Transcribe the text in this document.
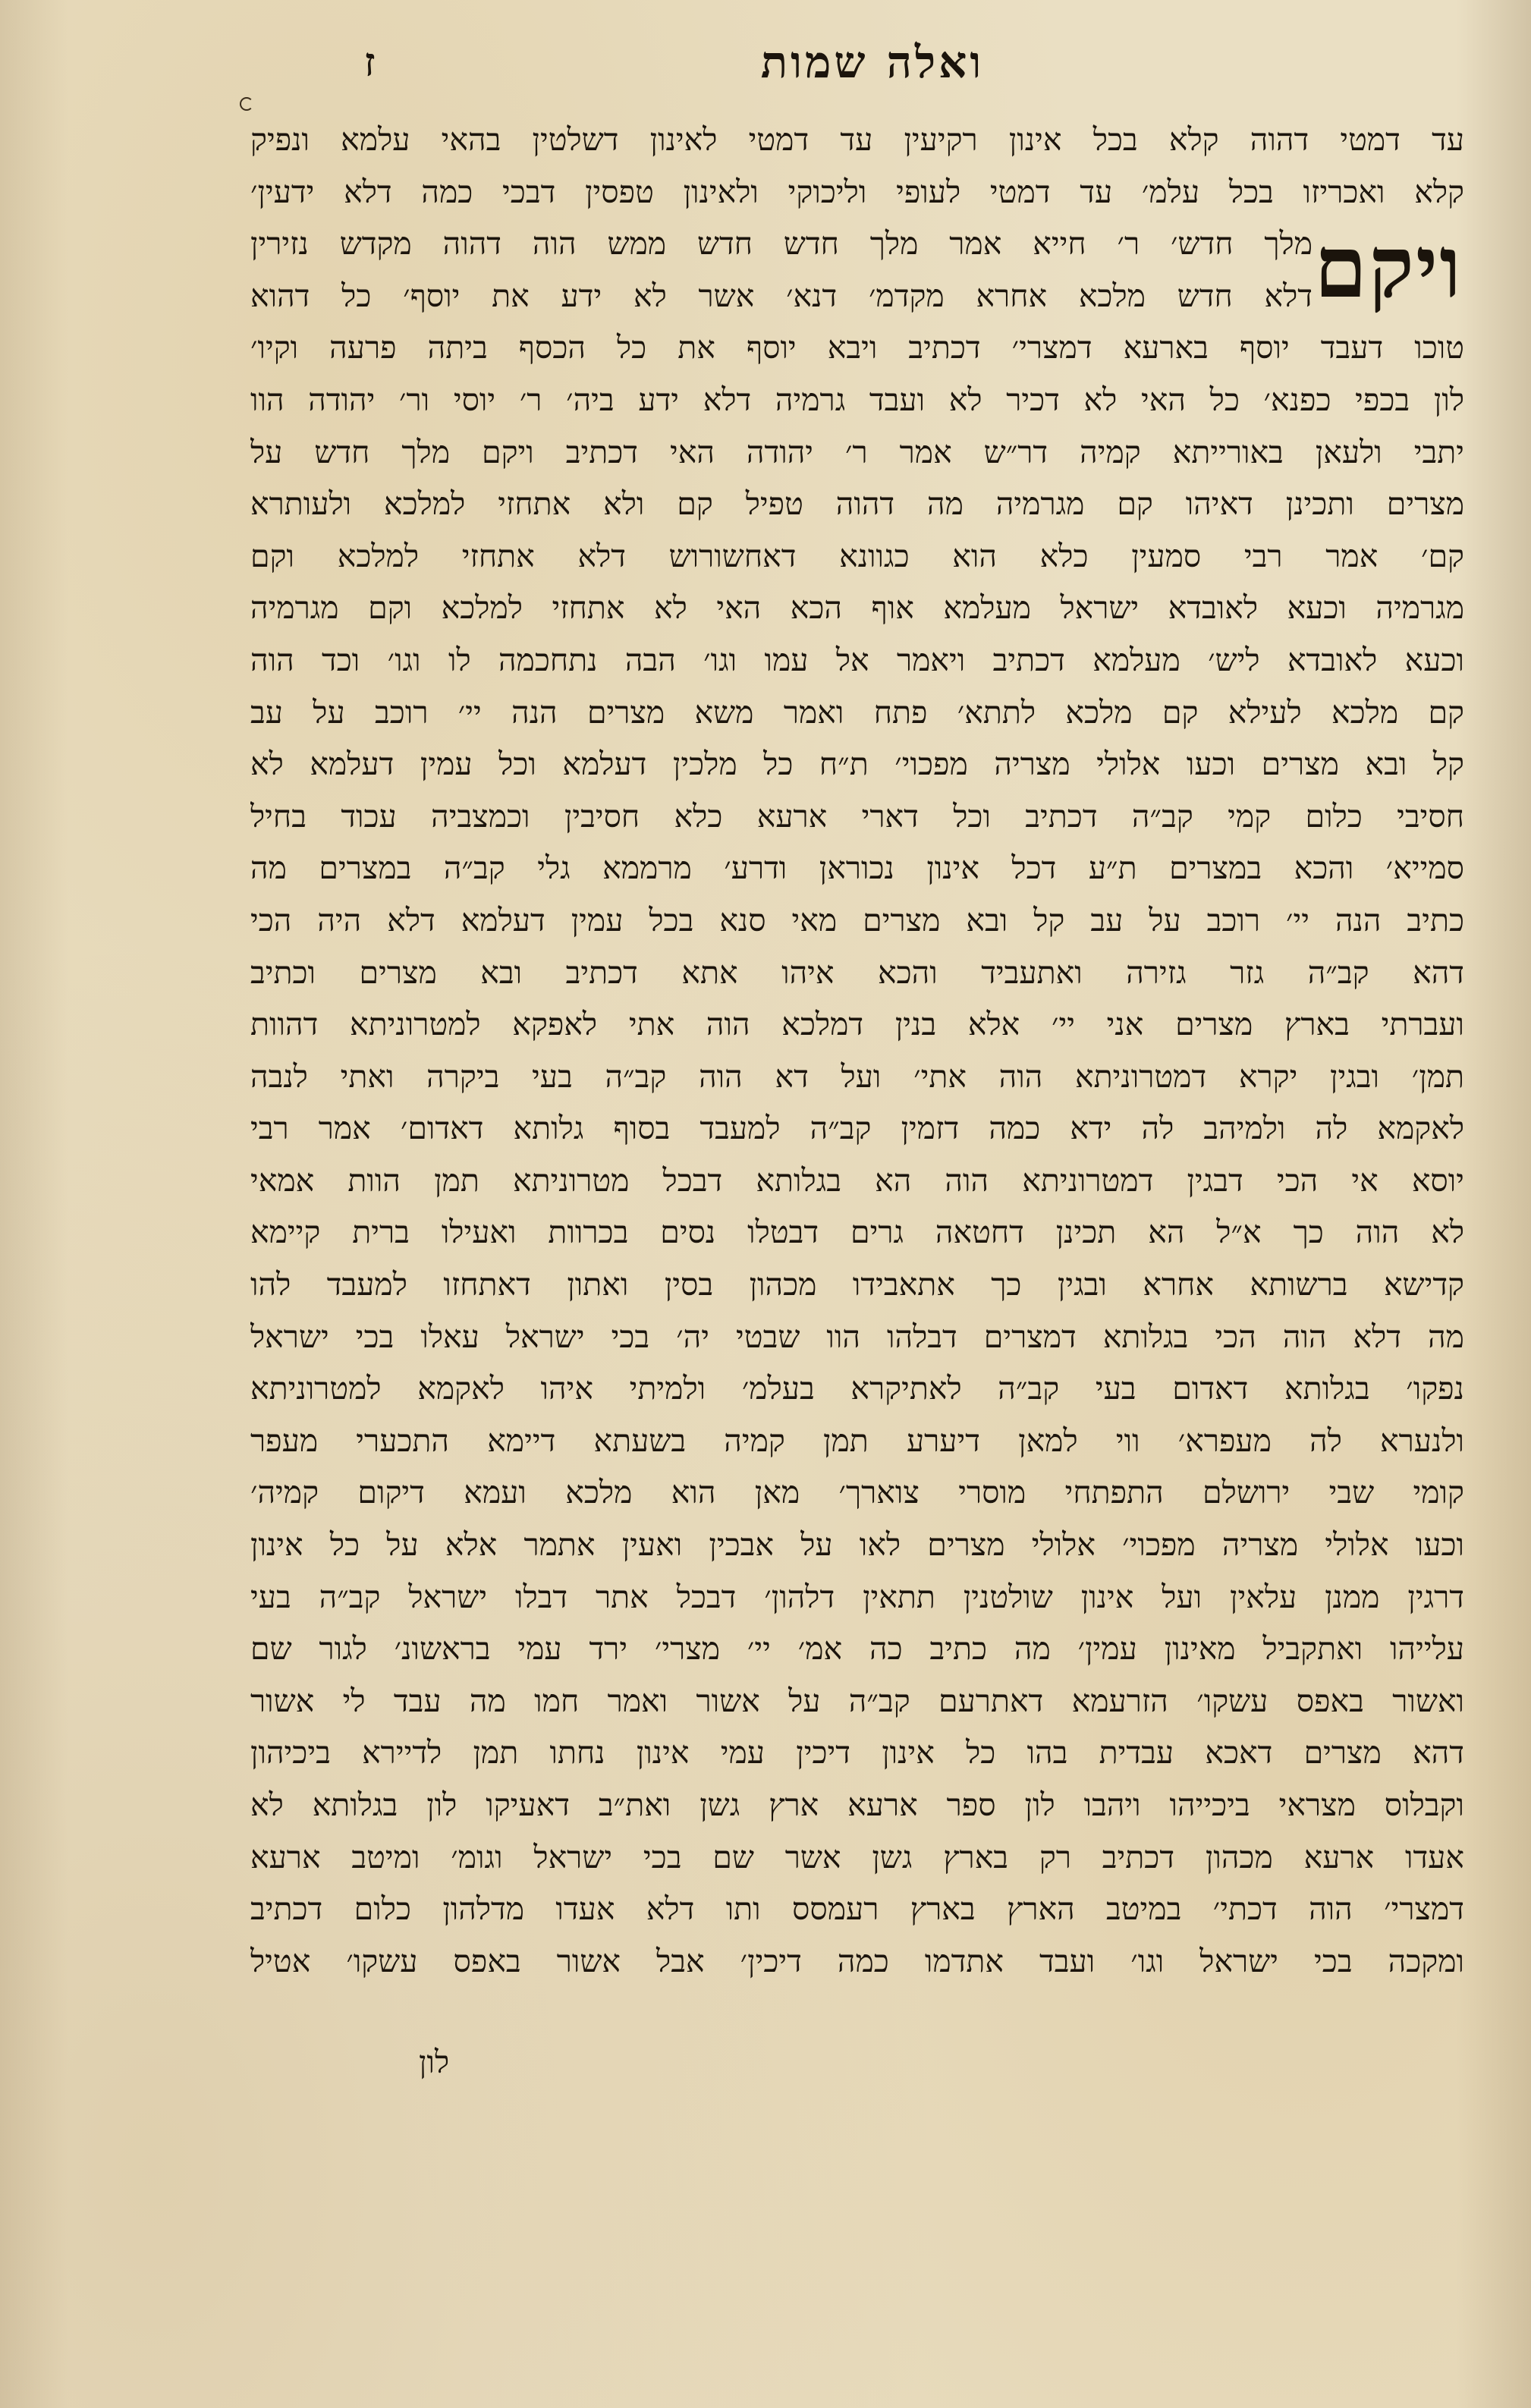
ואלה שמות
ז
ויקם
עד דמטי דהוה קלא בכל אינון רקיעין עד דמטי לאינון דשלטין בהאי עלמא ונפיק
קלא ואכריזו בכל עלמ׳ עד דמטי לעופי וליכוקי ולאינון טפסין דבכי כמה דלא ידעין׳
מלך חדש׳ ר׳ חייא אמר מלך חדש חדש ממש הוה דהוה מקדש נזירין
דלא חדש מלכא אחרא מקדמ׳ דנא׳ אשר לא ידע את יוסף׳ כל דהוא
טוכו דעבד יוסף בארעא דמצרי׳ דכתיב ויבא יוסף את כל הכסף ביתה פרעה וקיו׳
לון בכפי כפנא׳ כל האי לא דכיר לא ועבד גרמיה דלא ידע ביה׳ ר׳ יוסי ור׳ יהודה הוו
יתבי ולעאן באורייתא קמיה דר״ש אמר ר׳ יהודה האי דכתיב ויקם מלך חדש על
מצרים ותכינן דאיהו קם מגרמיה מה דהוה טפיל קם ולא אתחזי למלכא ולעותרא
קם׳ אמר רבי סמעין כלא הוא כגוונא דאחשורוש דלא אתחזי למלכא וקם
מגרמיה וכעא לאובדא ישראל מעלמא אוף הכא האי לא אתחזי למלכא וקם מגרמיה
וכעא לאובדא ליש׳ מעלמא דכתיב ויאמר אל עמו וגו׳ הבה נתחכמה לו וגו׳ וכד הוה
קם מלכא לעילא קם מלכא לתתא׳ פתח ואמר משא מצרים הנה יי׳ רוכב על עב
קל ובא מצרים וכעו אלולי מצריה מפכוי׳ ת״ח כל מלכין דעלמא וכל עמין דעלמא לא
חסיבי כלום קמי קב״ה דכתיב וכל דארי ארעא כלא חסיבין וכמצביה עכוד בחיל
סמייא׳ והכא במצרים ת״ע דכל אינון נכוראן ודרע׳ מרממא גלי קב״ה במצרים מה
כתיב הנה יי׳ רוכב על עב קל ובא מצרים מאי סנא בכל עמין דעלמא דלא היה הכי
דהא קב״ה גזר גזירה ואתעביד והכא איהו אתא דכתיב ובא מצרים וכתיב
ועברתי בארץ מצרים אני יי׳ אלא בנין דמלכא הוה אתי לאפקא למטרוניתא דהוות
תמן׳ ובגין יקרא דמטרוניתא הוה אתי׳ ועל דא הוה קב״ה בעי ביקרה ואתי לנבה
לאקמא לה ולמיהב לה ידא כמה דזמין קב״ה למעבד בסוף גלותא דאדום׳ אמר רבי
יוסא אי הכי דבגין דמטרוניתא הוה הא בגלותא דבכל מטרוניתא תמן הוות אמאי
לא הוה כך א״ל הא תכינן דחטאה גרים דבטלו נסים בכרוות ואעילו ברית קיימא
קדישא ברשותא אחרא ובגין כך אתאבידו מכהון בסין ואתון דאתחזו למעבד להו
מה דלא הוה הכי בגלותא דמצרים דבלהו הוו שבטי יה׳ בכי ישראל עאלו בכי ישראל
נפקו׳ בגלותא דאדום בעי קב״ה לאתיקרא בעלמ׳ ולמיתי איהו לאקמא למטרוניתא
ולנערא לה מעפרא׳ ווי למאן דיערע תמן קמיה בשעתא דיימא התכערי מעפר
קומי שבי ירושלם התפתחי מוסרי צוארך׳ מאן הוא מלכא ועמא דיקום קמיה׳
וכעו אלולי מצריה מפכוי׳ אלולי מצרים לאו על אבכין ואעין אתמר אלא על כל אינון
דרגין ממנן עלאין ועל אינון שולטנין תתאין דלהון׳ דבכל אתר דבלו ישראל קב״ה בעי
עלייהו ואתקביל מאינון עמין׳ מה כתיב כה אמ׳ יי׳ מצרי׳ ירד עמי בראשונ׳ לגור שם
ואשור באפס עשקו׳ הזרעמא דאתרעם קב״ה על אשור ואמר חמו מה עבד לי אשור
דהא מצרים דאכא עבדית בהו כל אינון דיכין עמי אינון נחתו תמן לדיירא ביכיהון
וקבלוס מצראי ביכייהו ויהבו לון ספר ארעא ארץ גשן ואת״ב דאעיקו לון בגלותא לא
אעדו ארעא מכהון דכתיב רק בארץ גשן אשר שם בכי ישראל וגומ׳ ומיטב ארעא
דמצרי׳ הוה דכתי׳ במיטב הארץ בארץ רעמסס ותו דלא אעדו מדלהון כלום דכתיב
ומקכה בכי ישראל וגו׳ ועבד אתדמו כמה דיכין׳ אבל אשור באפס עשקו׳ אטיל
לון
